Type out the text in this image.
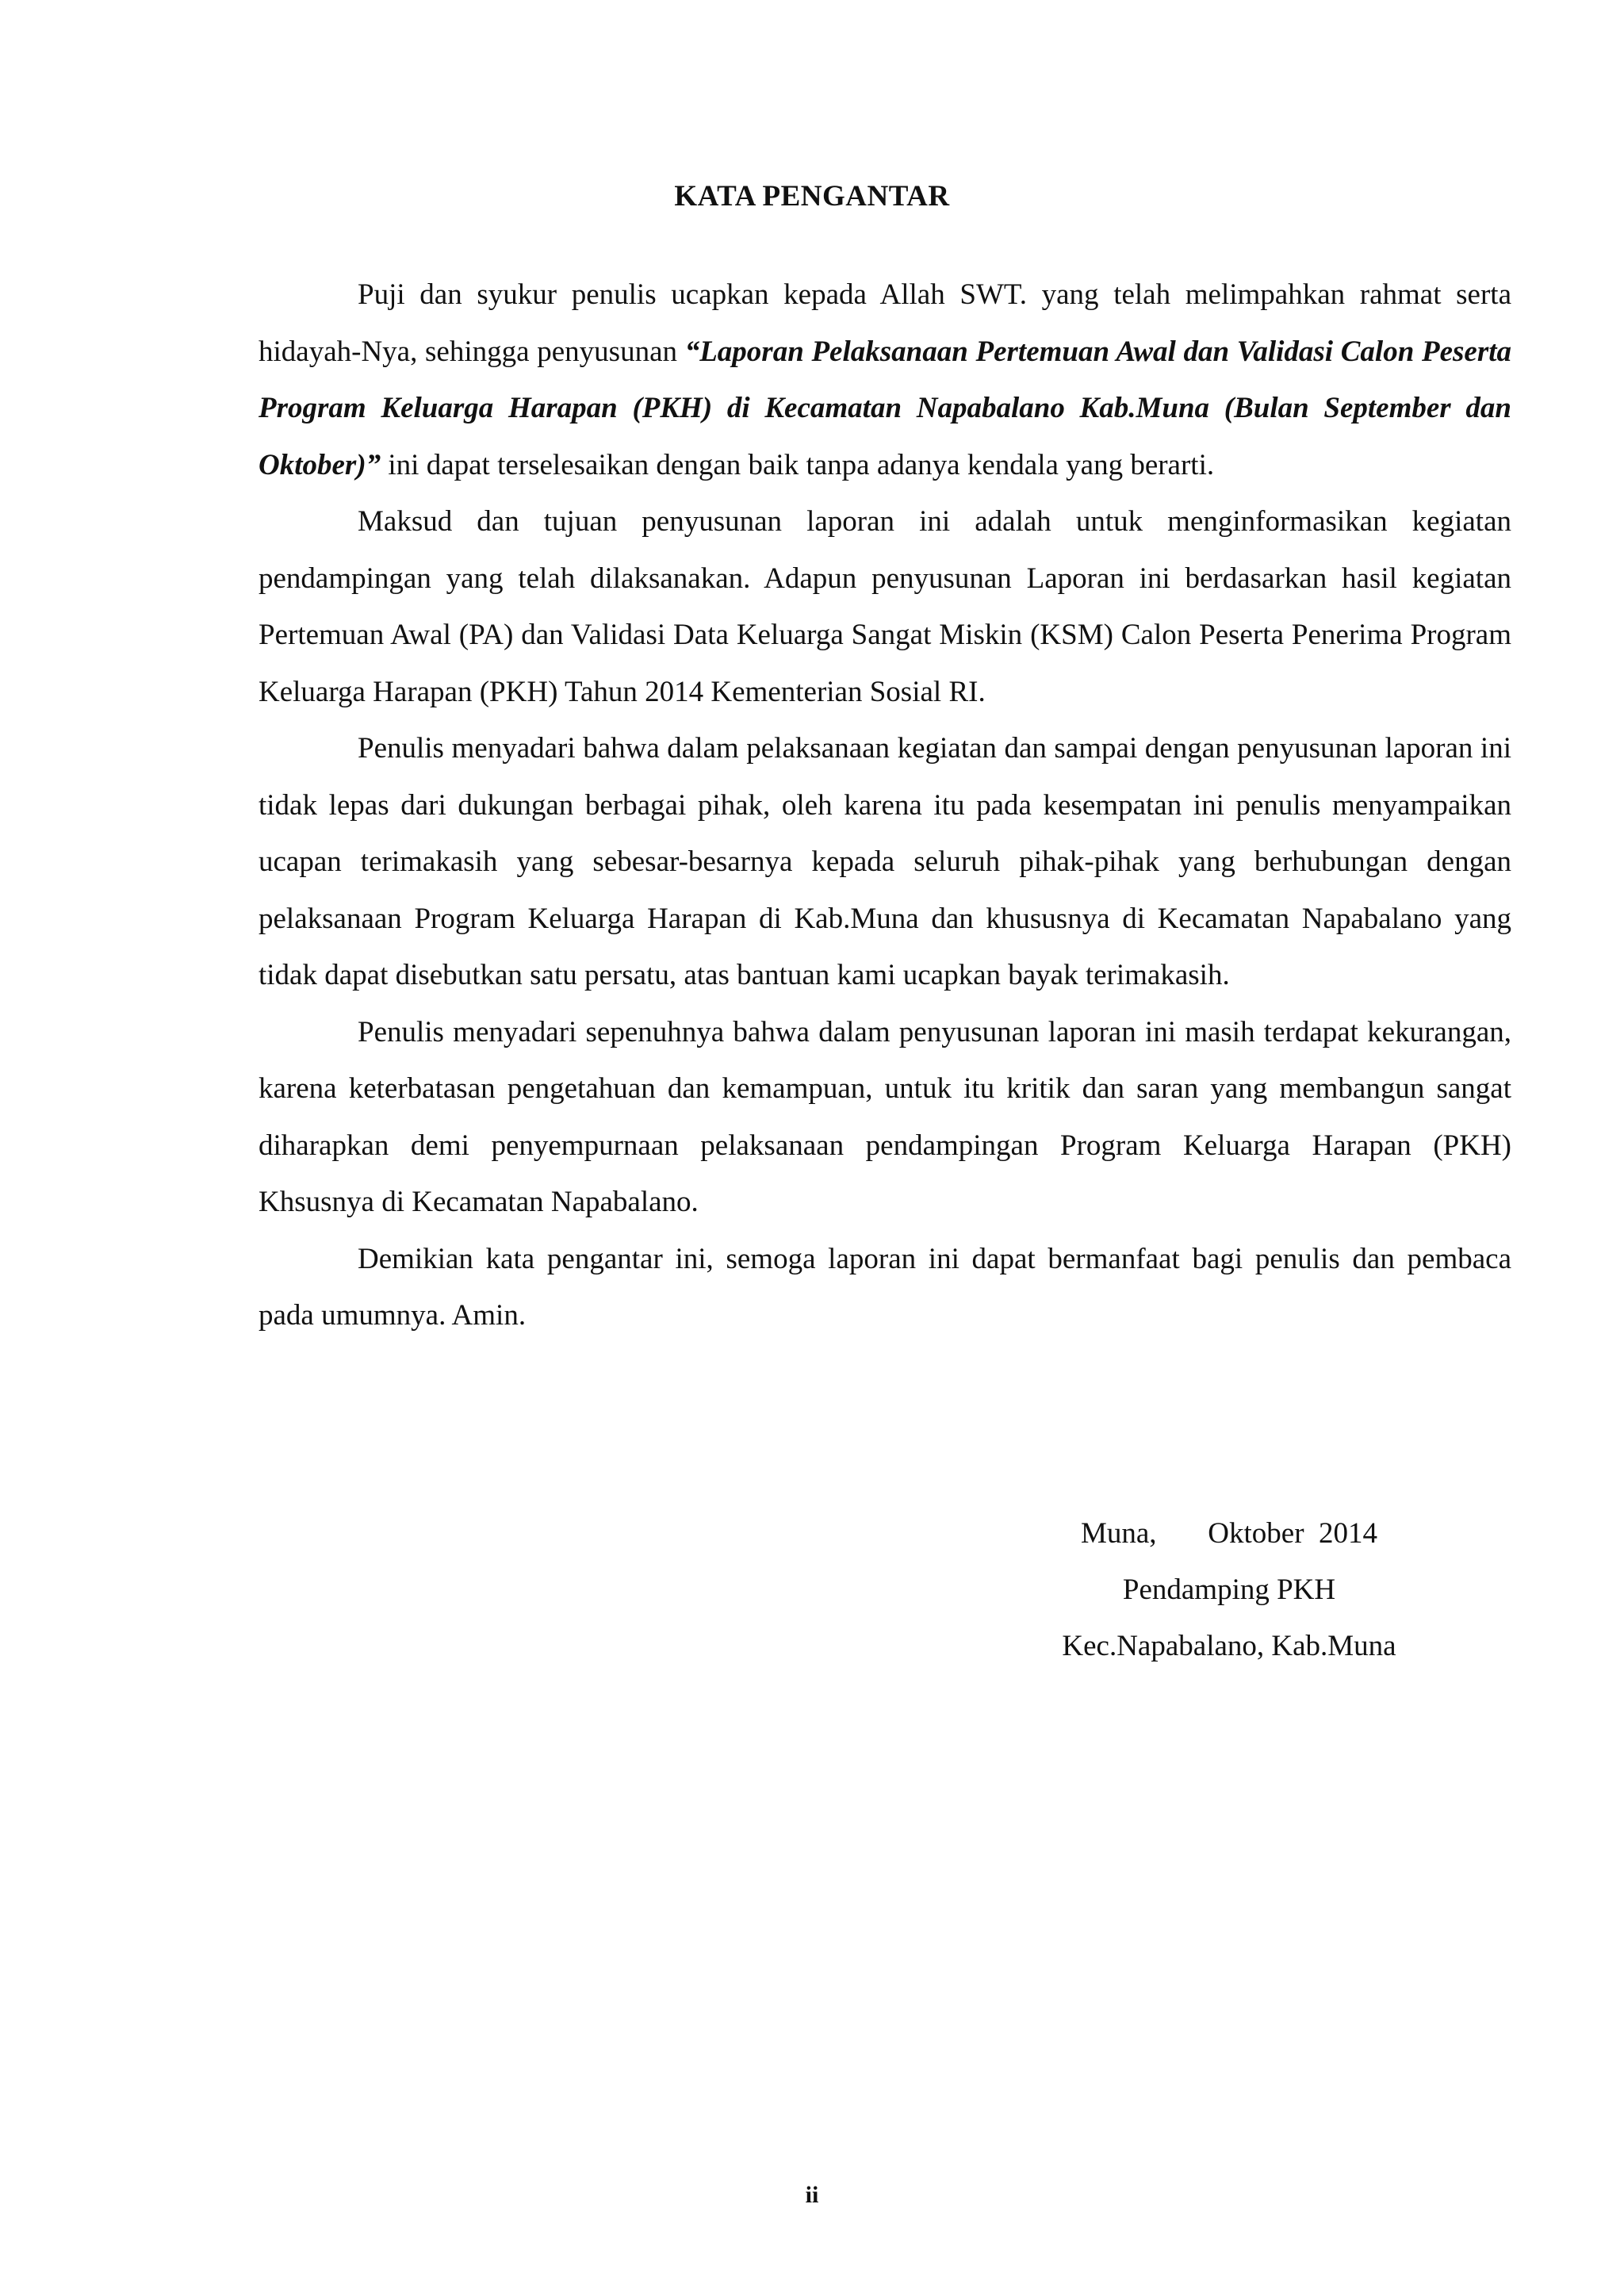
KATA PENGANTAR

Puji dan syukur penulis ucapkan kepada Allah SWT. yang telah melimpahkan rahmat serta hidayah-Nya, sehingga penyusunan “Laporan Pelaksanaan Pertemuan Awal dan Validasi Calon Peserta Program Keluarga Harapan (PKH) di Kecamatan Napabalano Kab.Muna (Bulan September dan Oktober)” ini dapat terselesaikan dengan baik tanpa adanya kendala yang berarti.

Maksud dan tujuan penyusunan laporan ini adalah untuk menginformasikan kegiatan pendampingan yang telah dilaksanakan. Adapun penyusunan Laporan ini berdasarkan hasil kegiatan Pertemuan Awal (PA) dan Validasi Data Keluarga Sangat Miskin (KSM) Calon Peserta Penerima Program Keluarga Harapan (PKH) Tahun 2014 Kementerian Sosial RI.

Penulis menyadari bahwa dalam pelaksanaan kegiatan dan sampai dengan penyusunan laporan ini tidak lepas dari dukungan berbagai pihak, oleh karena itu pada kesempatan ini penulis menyampaikan ucapan terimakasih yang sebesar-besarnya kepada seluruh pihak-pihak yang berhubungan dengan pelaksanaan Program Keluarga Harapan di Kab.Muna dan khususnya di Kecamatan Napabalano yang tidak dapat disebutkan satu persatu, atas bantuan kami ucapkan bayak terimakasih.

Penulis menyadari sepenuhnya bahwa dalam penyusunan laporan ini masih terdapat kekurangan, karena keterbatasan pengetahuan dan kemampuan, untuk itu kritik dan saran yang membangun sangat diharapkan demi penyempurnaan pelaksanaan pendampingan Program Keluarga Harapan (PKH) Khsusnya di Kecamatan Napabalano.

Demikian kata pengantar ini, semoga laporan ini dapat bermanfaat bagi penulis dan pembaca pada umumnya. Amin.

Muna,       Oktober  2014
Pendamping PKH
Kec.Napabalano, Kab.Muna
ii
